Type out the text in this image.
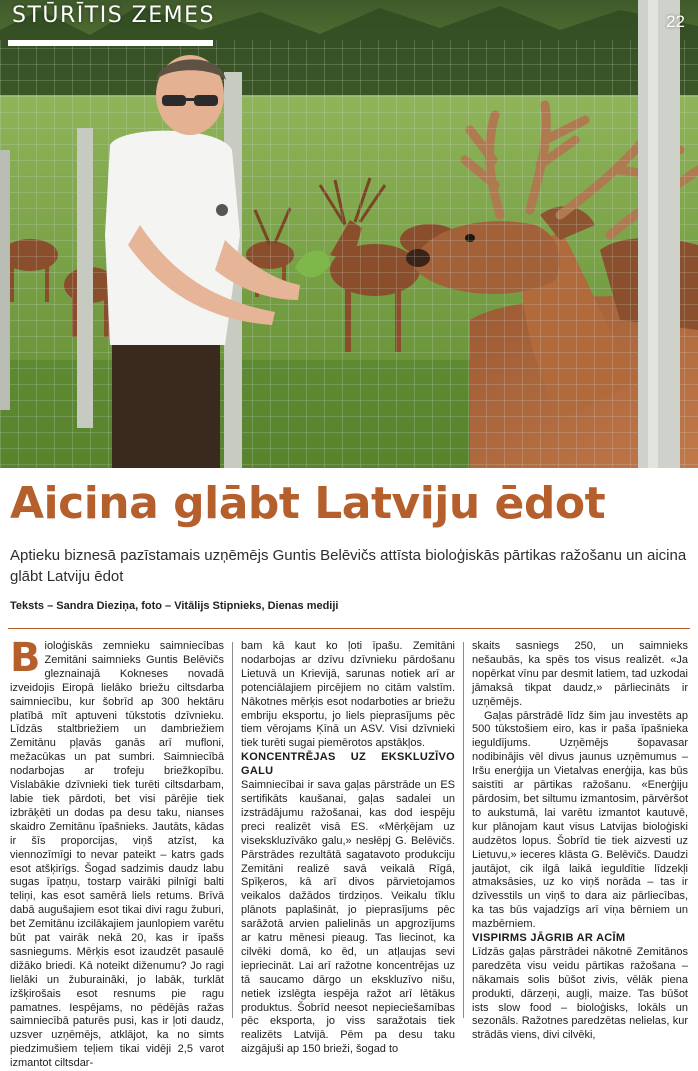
STŪRĪTIS ZEMES	22
Aicina glābt Latviju ēdot

Aptieku biznesā pazīstamais uzņēmējs Guntis Belēvičs attīsta bioloģiskās pārtikas ražošanu un aicina glābt Latviju ēdot

Teksts – Sandra Dieziņa, foto – Vitālijs Stipnieks, Dienas mediji

Bioloģiskās zemnieku saimniecības Zemitāni saimnieks Guntis Belēvičs gleznainajā Kokneses novadā izveidojis Eiropā lielāko briežu ciltsdarba saimniecību, kur šobrīd ap 300 hektāru platībā mīt aptuveni tūkstotis dzīvnieku. Līdzās staltbriežiem un dambriežiem Zemitānu pļavās ganās arī mufloni, mežacūkas un pat sumbri. Saimniecībā nodarbojas ar trofeju briežkopību. Vislabākie dzīvnieki tiek turēti ciltsdarbam, labie tiek pārdoti, bet visi pārējie tiek izbrāķēti un dodas pa desu taku, nianses skaidro Zemitānu īpašnieks. Jautāts, kādas ir šīs proporcijas, viņš atzīst, ka viennozīmīgi to nevar pateikt – katrs gads esot atšķirīgs. Šogad sadzimis daudz labu sugas īpatņu, tostarp vairāki pilnīgi balti teliņi, kas esot samērā liels retums. Brīvā dabā augušajiem esot tikai divi ragu žuburi, bet Zemitānu izcilākajiem jaunlopiem varētu būt pat vairāk nekā 20, kas ir īpašs sasniegums. Mērķis esot izaudzēt pasaulē dižāko briedi. Kā noteikt diženumu? Jo ragi lielāki un žuburainā̄ki, jo labāk, turklāt izšķirošais esot resnums pie ragu pamatnes. Iespējams, no pēdējās ražas saimniecībā paturēs pusi, kas ir ļoti daudz, uzsver uzņēmējs, atklājot, ka no simts piedzimušiem teļiem tikai vidēji 2,5 varot izmantot ciltsdar-

bam kā kaut ko ļoti īpašu. Zemitāni nodarbojas ar dzīvu dzīvnieku pārdošanu Lietuvā un Krievijā, sarunas notiek arī ar potenciālajiem pircējiem no citām valstīm. Nākotnes mērķis esot nodarboties ar briežu embriju eksportu, jo liels pieprasījums pēc tiem vērojams Ķīnā un ASV. Visi dzīvnieki tiek turēti sugai piemērotos apstākļos.

KONCENTRĒJAS UZ EKSKLUZĪVO GALU

Saimniecībai ir sava gaļas pārstrāde un ES sertifikāts kaušanai, gaļas sadalei un izstrādājumu ražošanai, kas dod iespēju preci realizēt visā ES. «Mērķējam uz visekskluzīvāko galu,» nesłēpj G. Belēvičs. Pārstrādes rezultātā sagatavoto produkciju Zemitāni realizē savā veikalā Rīgā, Spīķeros, kā arī divos pārvietojamos veikalos dažādos tirdziņos. Veikalu tīklu plānots paplašināt, jo pieprasījums pēc sarāžotā arvien palielinās un apgrozījums ar katru mēnesi pieaug. Tas liecinot, ka cilvēki domā, ko ēd, un atļaujas sevi iepriecināt. Lai arī ražotne koncentrējas uz tā saucamo dārgo un ekskluzīvo nišu, netiek izslēgta iespēja ražot arī lētākus produktus. Šobrīd neesot nepieciešamības pēc eksporta, jo viss saražotais tiek realizēts Latvijā. Pēm pa desu taku aizgājuši ap 150 brieži, šogad to

skaits sasniegs 250, un saimnieks nešaubās, ka spēs tos visus realizēt. «Ja nopērkat vīnu par desmit latiem, tad uzkodai jāmaksā tikpat daudz,» pārliecināts ir uzņēmējs.

Gaļas pārstrādē līdz šim jau investēts ap 500 tūkstošiem eiro, kas ir paša īpašnieka ieguldījums. Uzņēmējs šopavasar nodibinājis vēl divus jaunus uzņēmumus – Iršu enerģija un Vietalvas enerģija, kas būs saistīti ar pārtikas ražošanu. «Enerģiju pārdosim, bet siltumu izmantosim, pārvēršot to aukstumā, lai varētu izmantot kautuvē, kur plānojam kaut visus Latvijas bioloģiski audzētos lopus. Šobrīd tie tiek aizvesti uz Lietuvu,» ieceres klāsta G. Belēvičs. Daudzi jautājot, cik ilgā laikā ieguldītie līdzekļi atmaksāsies, uz ko viņš norāda – tas ir dzīvesstils un viņš to dara aiz pārliecības, ka tas būs vajadzīgs arī viņa bērniem un mazbērniem.

VISPIRMS JĀGRIB AR ACĪM

Līdzās gaļas pārstrādei nākotnē Zemitānos paredzēta visu veidu pārtikas ražošana – nākamais solis būšot zivis, vēlāk piena produkti, dārzeņi, augļi, maize. Tas būšot ists slow food – bioloģisks, lokāls un sezonāls. Ražotnes paredzētas nelielas, kur strādās viens, divi cilvēki,
